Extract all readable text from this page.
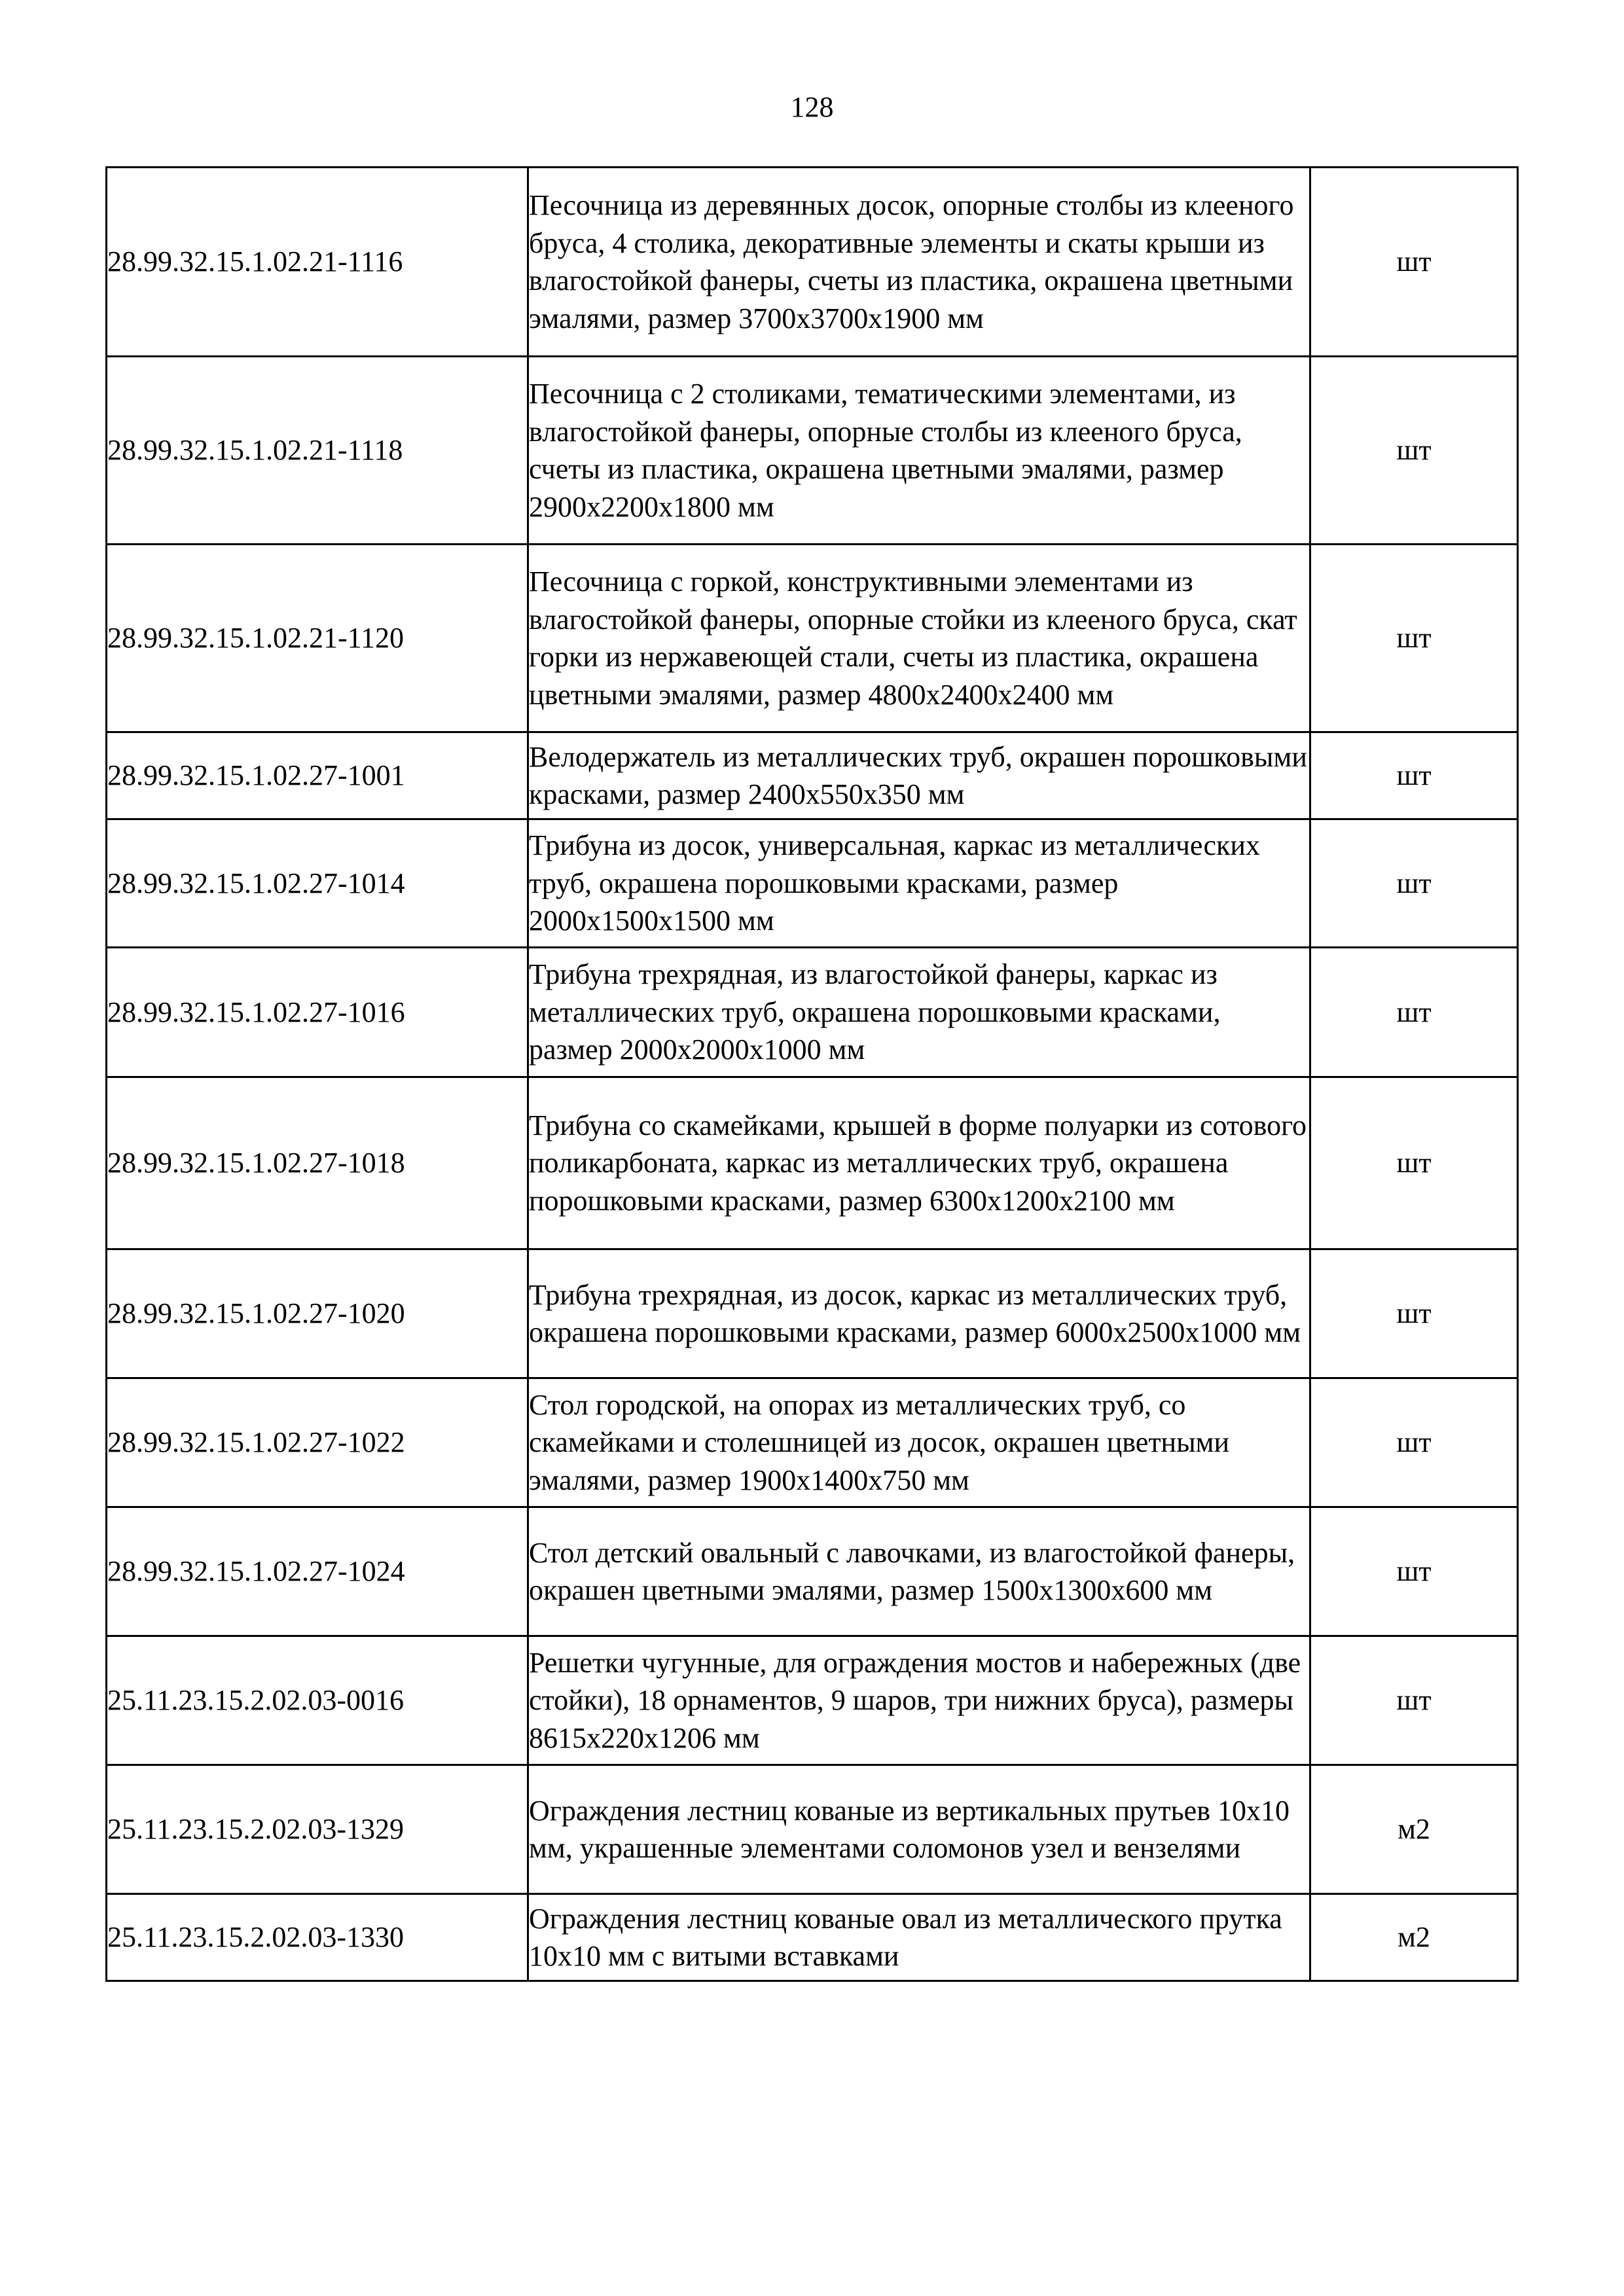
128
28.99.32.15.1.02.21-1116	Песочница из деревянных досок, опорные столбы из клееного бруса, 4 столика, декоративные элементы и скаты крыши из влагостойкой фанеры, счеты из пластика, окрашена цветными эмалями, размер 3700х3700х1900 мм	шт
28.99.32.15.1.02.21-1118	Песочница с 2 столиками, тематическими элементами, из влагостойкой фанеры, опорные столбы из клееного бруса, счеты из пластика, окрашена цветными эмалями, размер 2900х2200х1800 мм	шт
28.99.32.15.1.02.21-1120	Песочница с горкой, конструктивными элементами из влагостойкой фанеры, опорные стойки из клееного бруса, скат горки из нержавеющей стали, счеты из пластика, окрашена цветными эмалями, размер 4800х2400х2400 мм	шт
28.99.32.15.1.02.27-1001	Велодержатель из металлических труб, окрашен порошковыми красками, размер 2400х550х350 мм	шт
28.99.32.15.1.02.27-1014	Трибуна из досок, универсальная, каркас из металлических труб, окрашена порошковыми красками, размер 2000х1500х1500 мм	шт
28.99.32.15.1.02.27-1016	Трибуна трехрядная, из влагостойкой фанеры, каркас из металлических труб, окрашена порошковыми красками, размер 2000х2000х1000 мм	шт
28.99.32.15.1.02.27-1018	Трибуна со скамейками, крышей в форме полуарки из сотового поликарбоната, каркас из металлических труб, окрашена порошковыми красками, размер 6300х1200х2100 мм	шт
28.99.32.15.1.02.27-1020	Трибуна трехрядная, из досок, каркас из металлических труб, окрашена порошковыми красками, размер 6000х2500х1000 мм	шт
28.99.32.15.1.02.27-1022	Стол городской, на опорах из металлических труб, со скамейками и столешницей из досок, окрашен цветными эмалями, размер 1900х1400х750 мм	шт
28.99.32.15.1.02.27-1024	Стол детский овальный с лавочками, из влагостойкой фанеры, окрашен цветными эмалями, размер 1500х1300х600 мм	шт
25.11.23.15.2.02.03-0016	Решетки чугунные, для ограждения мостов и набережных (две стойки), 18 орнаментов, 9 шаров, три нижних бруса), размеры 8615х220х1206 мм	шт
25.11.23.15.2.02.03-1329	Ограждения лестниц кованые из вертикальных прутьев 10х10 мм, украшенные элементами соломонов узел и вензелями	м2
25.11.23.15.2.02.03-1330	Ограждения лестниц кованые овал из металлического прутка 10х10 мм с витыми вставками	м2
